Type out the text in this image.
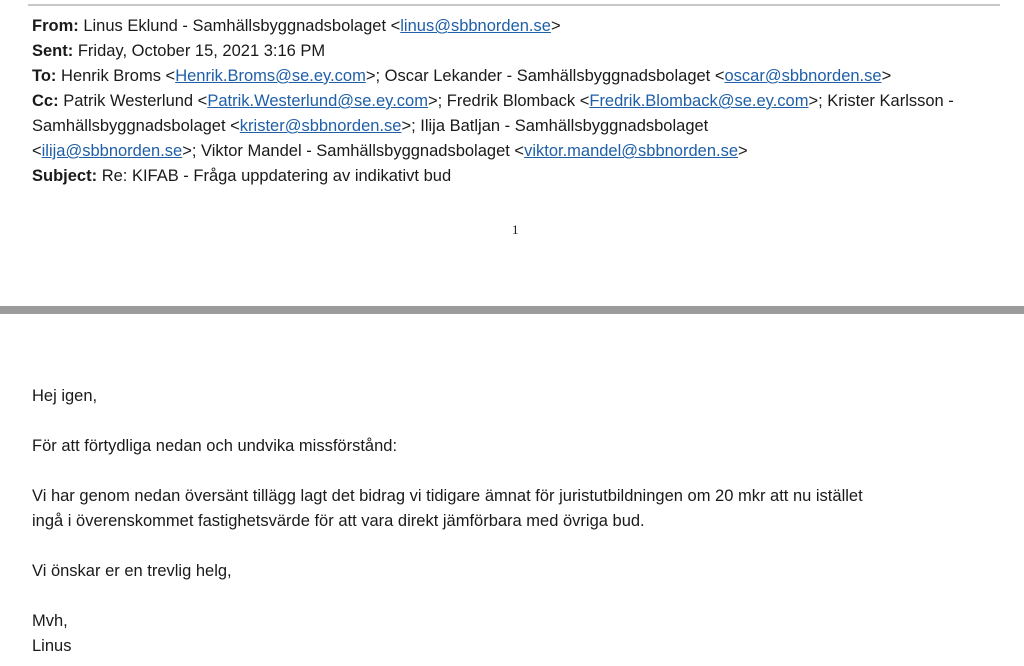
From: Linus Eklund - Samhällsbyggnadsbolaget <linus@sbbnorden.se>
Sent: Friday, October 15, 2021 3:16 PM
To: Henrik Broms <Henrik.Broms@se.ey.com>; Oscar Lekander - Samhällsbyggnadsbolaget <oscar@sbbnorden.se>
Cc: Patrik Westerlund <Patrik.Westerlund@se.ey.com>; Fredrik Blomback <Fredrik.Blomback@se.ey.com>; Krister Karlsson - Samhällsbyggnadsbolaget <krister@sbbnorden.se>; Ilija Batljan - Samhällsbyggnadsbolaget
<ilija@sbbnorden.se>; Viktor Mandel - Samhällsbyggnadsbolaget <viktor.mandel@sbbnorden.se>
Subject: Re: KIFAB - Fråga uppdatering av indikativt bud
1

Hej igen,

För att förtydliga nedan och undvika missförstånd:

Vi har genom nedan översänt tillägg lagt det bidrag vi tidigare ämnat för juristutbildningen om 20 mkr att nu istället
ingå i överenskommet fastighetsvärde för att vara direkt jämförbara med övriga bud.

Vi önskar er en trevlig helg,

Mvh,
Linus
